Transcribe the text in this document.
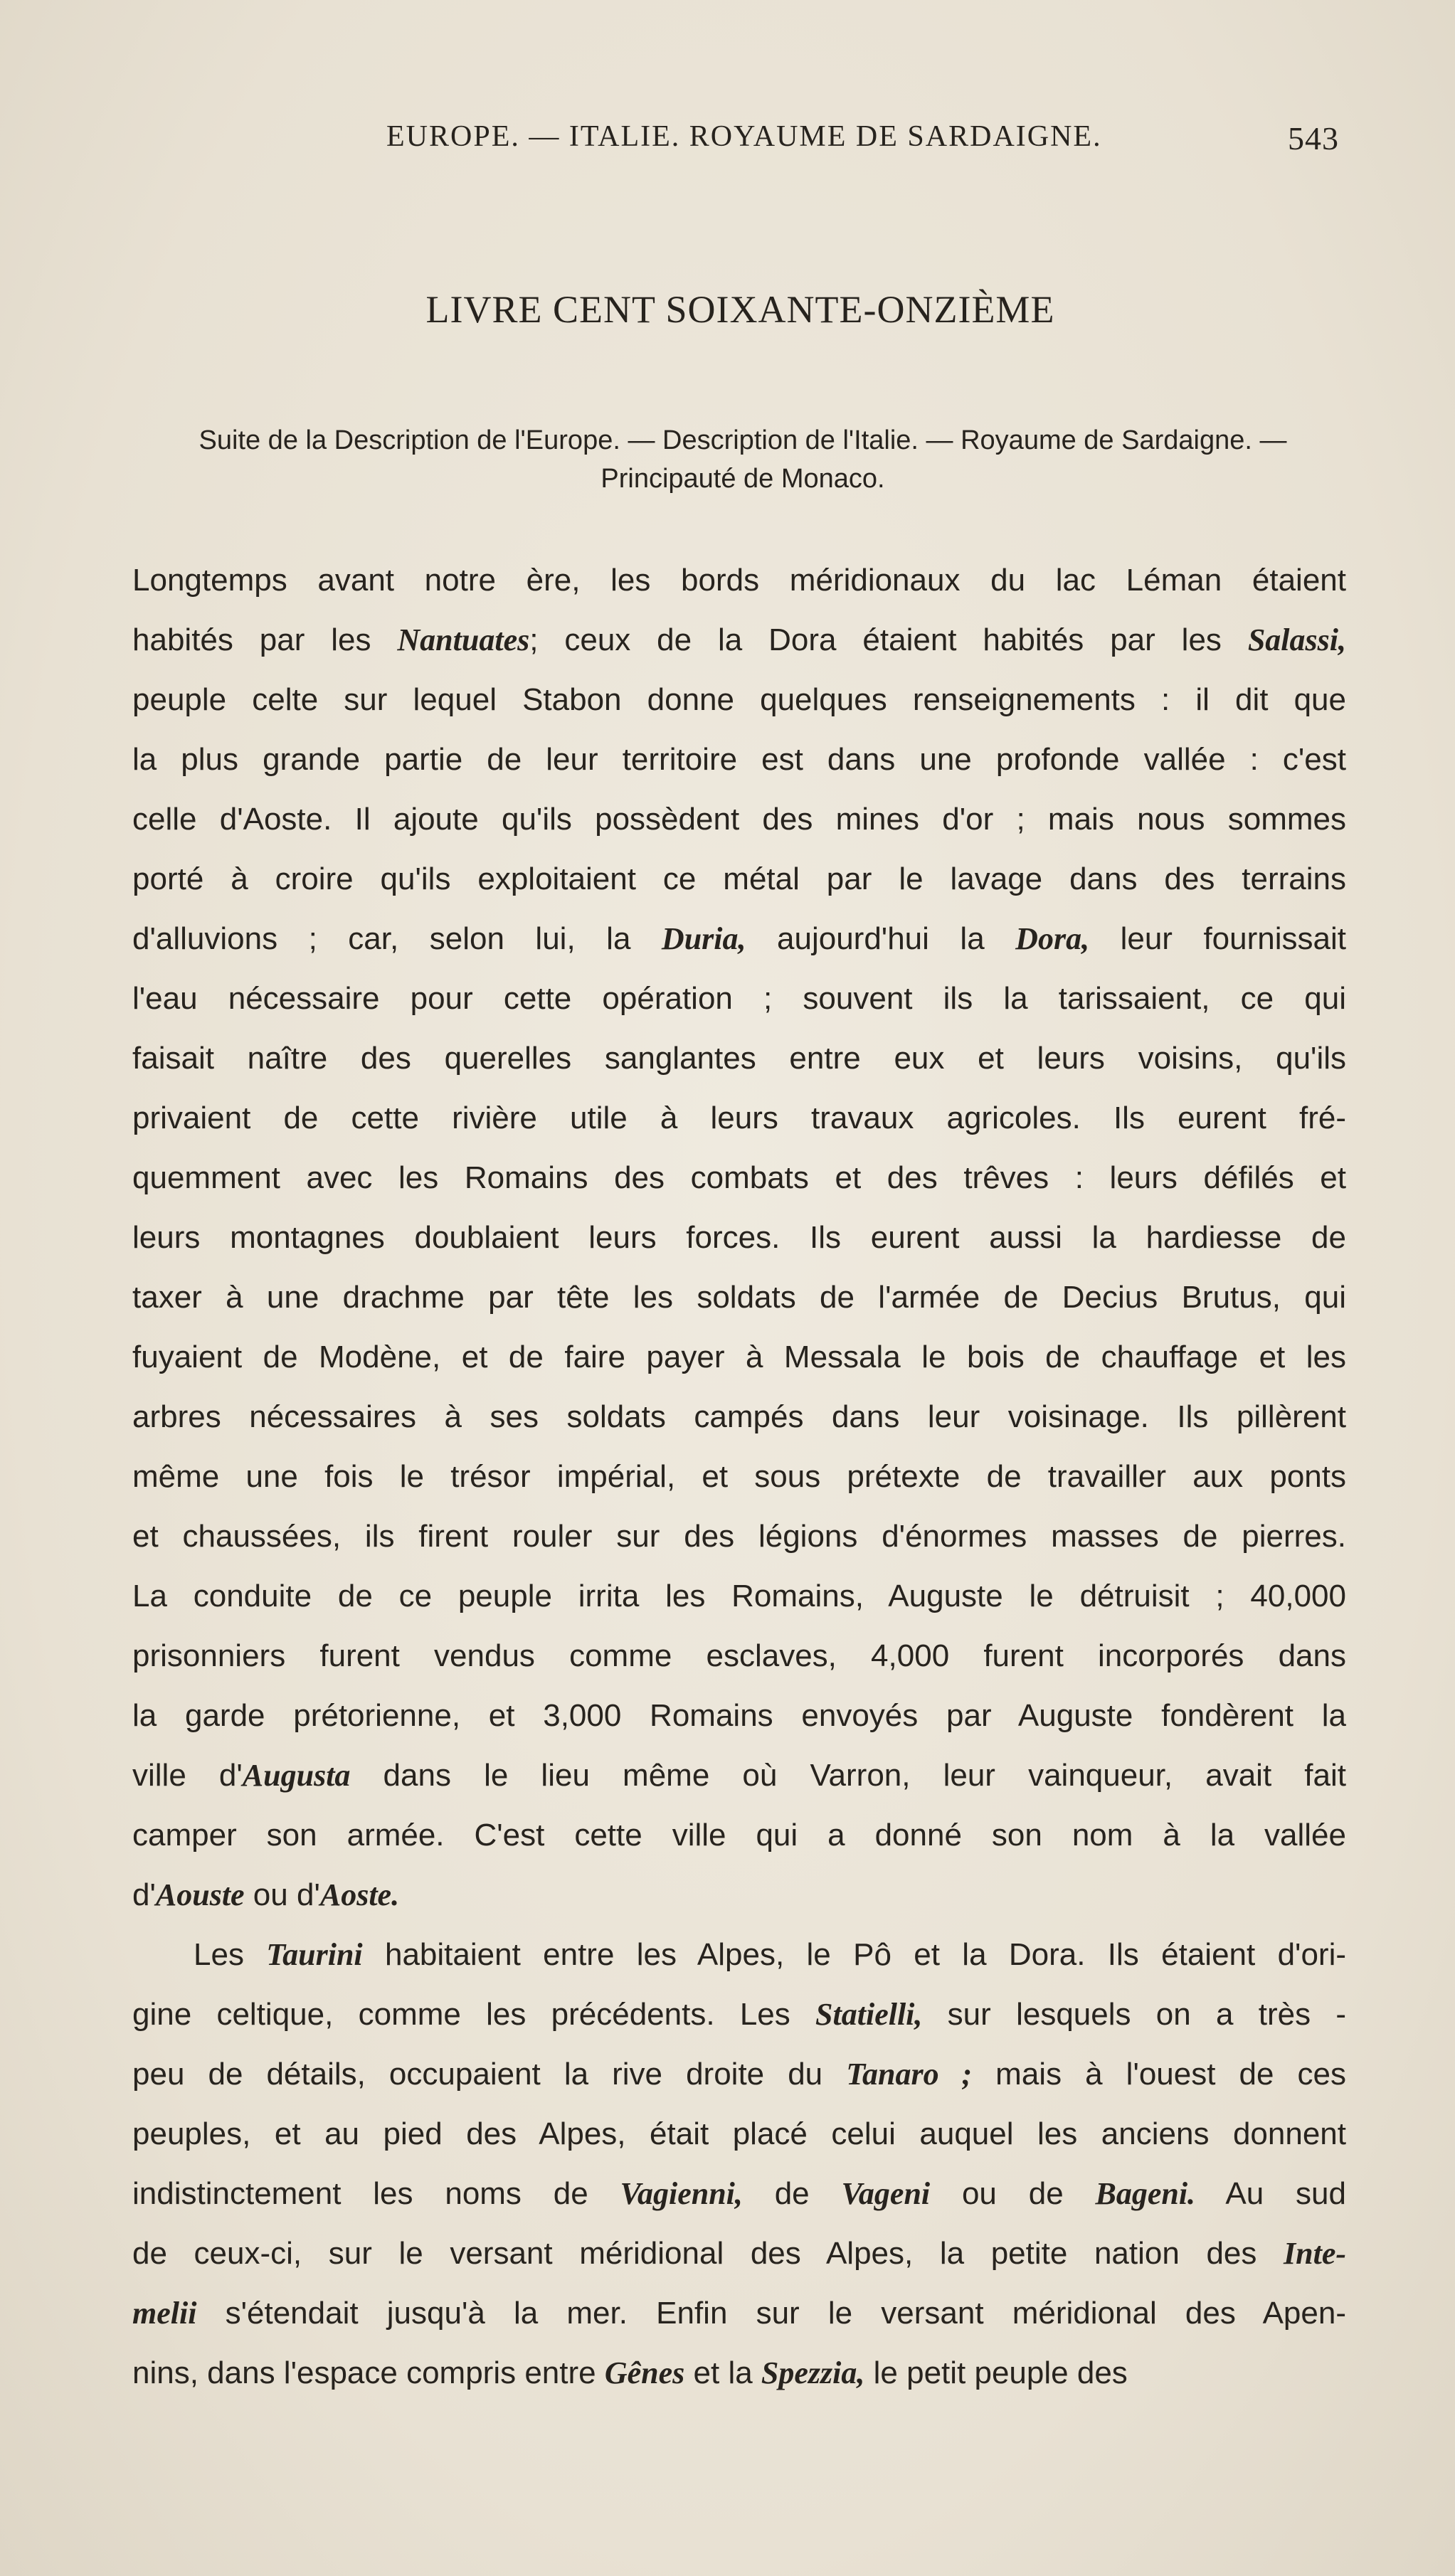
EUROPE. — ITALIE. ROYAUME DE SARDAIGNE.	543
LIVRE CENT SOIXANTE-ONZIÈME
Suite de la Description de l'Europe. — Description de l'Italie. — Royaume de Sardaigne. — Principauté de Monaco.
Longtemps avant notre ère, les bords méridionaux du lac Léman étaient
habités par les Nantuates; ceux de la Dora étaient habités par les Salassi,
peuple celte sur lequel Stabon donne quelques renseignements : il dit que
la plus grande partie de leur territoire est dans une profonde vallée : c'est
celle d'Aoste. Il ajoute qu'ils possèdent des mines d'or ; mais nous sommes
porté à croire qu'ils exploitaient ce métal par le lavage dans des terrains
d'alluvions ; car, selon lui, la Duria, aujourd'hui la Dora, leur fournissait
l'eau nécessaire pour cette opération ; souvent ils la tarissaient, ce qui
faisait naître des querelles sanglantes entre eux et leurs voisins, qu'ils
privaient de cette rivière utile à leurs travaux agricoles. Ils eurent fré-
quemment avec les Romains des combats et des trêves : leurs défilés et
leurs montagnes doublaient leurs forces. Ils eurent aussi la hardiesse de
taxer à une drachme par tête les soldats de l'armée de Decius Brutus, qui
fuyaient de Modène, et de faire payer à Messala le bois de chauffage et les
arbres nécessaires à ses soldats campés dans leur voisinage. Ils pillèrent
même une fois le trésor impérial, et sous prétexte de travailler aux ponts
et chaussées, ils firent rouler sur des légions d'énormes masses de pierres.
La conduite de ce peuple irrita les Romains, Auguste le détruisit ; 40,000
prisonniers furent vendus comme esclaves, 4,000 furent incorporés dans
la garde prétorienne, et 3,000 Romains envoyés par Auguste fondèrent la
ville d'Augusta dans le lieu même où Varron, leur vainqueur, avait fait
camper son armée. C'est cette ville qui a donné son nom à la vallée
d'Aouste ou d'Aoste.
Les Taurini habitaient entre les Alpes, le Pô et la Dora. Ils étaient d'ori-
gine celtique, comme les précédents. Les Statielli, sur lesquels on a très -
peu de détails, occupaient la rive droite du Tanaro ; mais à l'ouest de ces
peuples, et au pied des Alpes, était placé celui auquel les anciens donnent
indistinctement les noms de Vagienni, de Vageni ou de Bageni. Au sud
de ceux-ci, sur le versant méridional des Alpes, la petite nation des Inte-
melii s'étendait jusqu'à la mer. Enfin sur le versant méridional des Apen-
nins, dans l'espace compris entre Gênes et la Spezzia, le petit peuple des
